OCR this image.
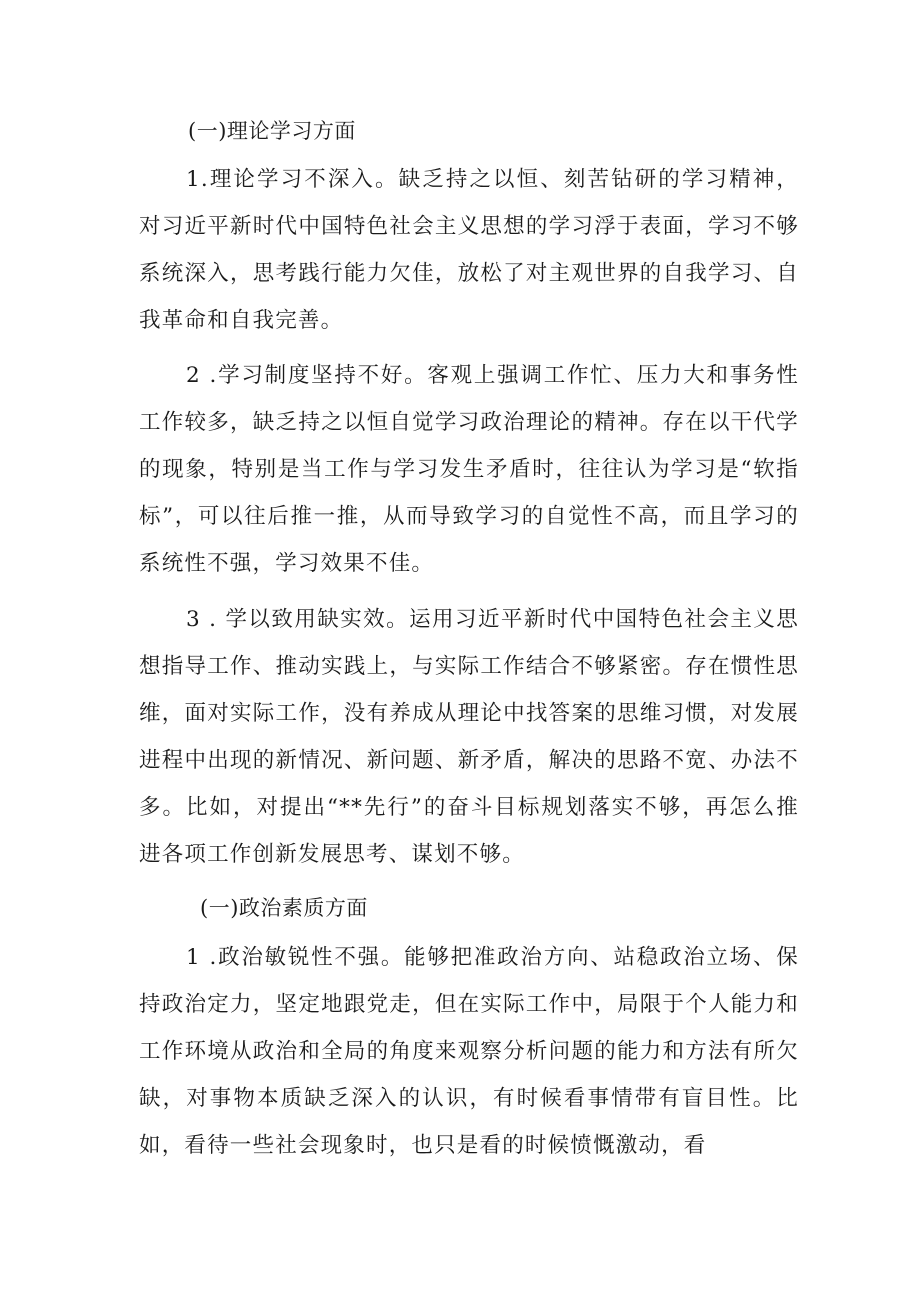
(一)理论学习方面

1.理论学习不深入。缺乏持之以恒、刻苦钻研的学习精神，对习近平新时代中国特色社会主义思想的学习浮于表面，学习不够系统深入，思考践行能力欠佳，放松了对主观世界的自我学习、自我革命和自我完善。

2 .学习制度坚持不好。客观上强调工作忙、压力大和事务性工作较多，缺乏持之以恒自觉学习政治理论的精神。存在以干代学的现象，特别是当工作与学习发生矛盾时，往往认为学习是“软指标”，可以往后推一推，从而导致学习的自觉性不高，而且学习的系统性不强，学习效果不佳。

3 . 学以致用缺实效。运用习近平新时代中国特色社会主义思想指导工作、推动实践上，与实际工作结合不够紧密。存在惯性思维，面对实际工作，没有养成从理论中找答案的思维习惯，对发展进程中出现的新情况、新问题、新矛盾，解决的思路不宽、办法不多。比如，对提出“**先行”的奋斗目标规划落实不够，再怎么推进各项工作创新发展思考、谋划不够。

(一)政治素质方面

1 .政治敏锐性不强。能够把准政治方向、站稳政治立场、保持政治定力，坚定地跟党走，但在实际工作中，局限于个人能力和工作环境从政治和全局的角度来观察分析问题的能力和方法有所欠缺，对事物本质缺乏深入的认识，有时候看事情带有盲目性。比如，看待一些社会现象时，也只是看的时候愤慨激动，看
